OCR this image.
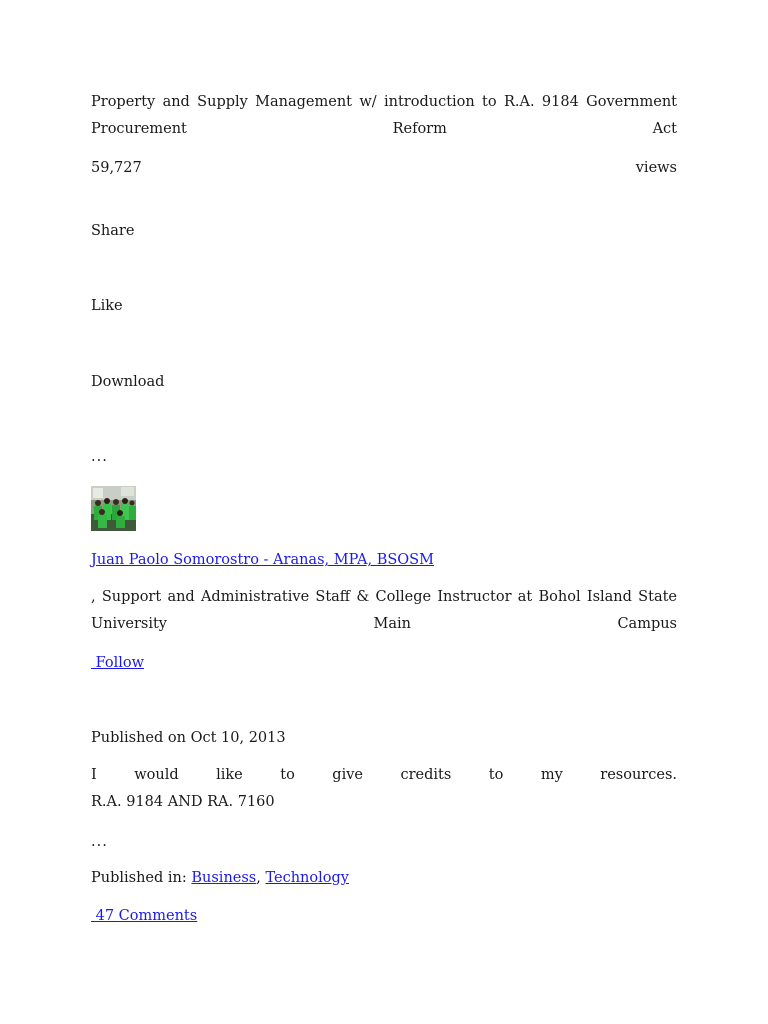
Property and Supply Management w/ introduction to R.A. 9184 Government Procurement Reform Act
59,727	views
Share
Like
Download
...
Juan Paolo Somorostro - Aranas, MPA, BSOSM
, Support and Administrative Staff & College Instructor at Bohol Island State University Main Campus
Follow
Published on Oct 10, 2013
I would like to give credits to my resources.
R.A. 9184 AND RA. 7160
...
Published in: Business, Technology
47 Comments
